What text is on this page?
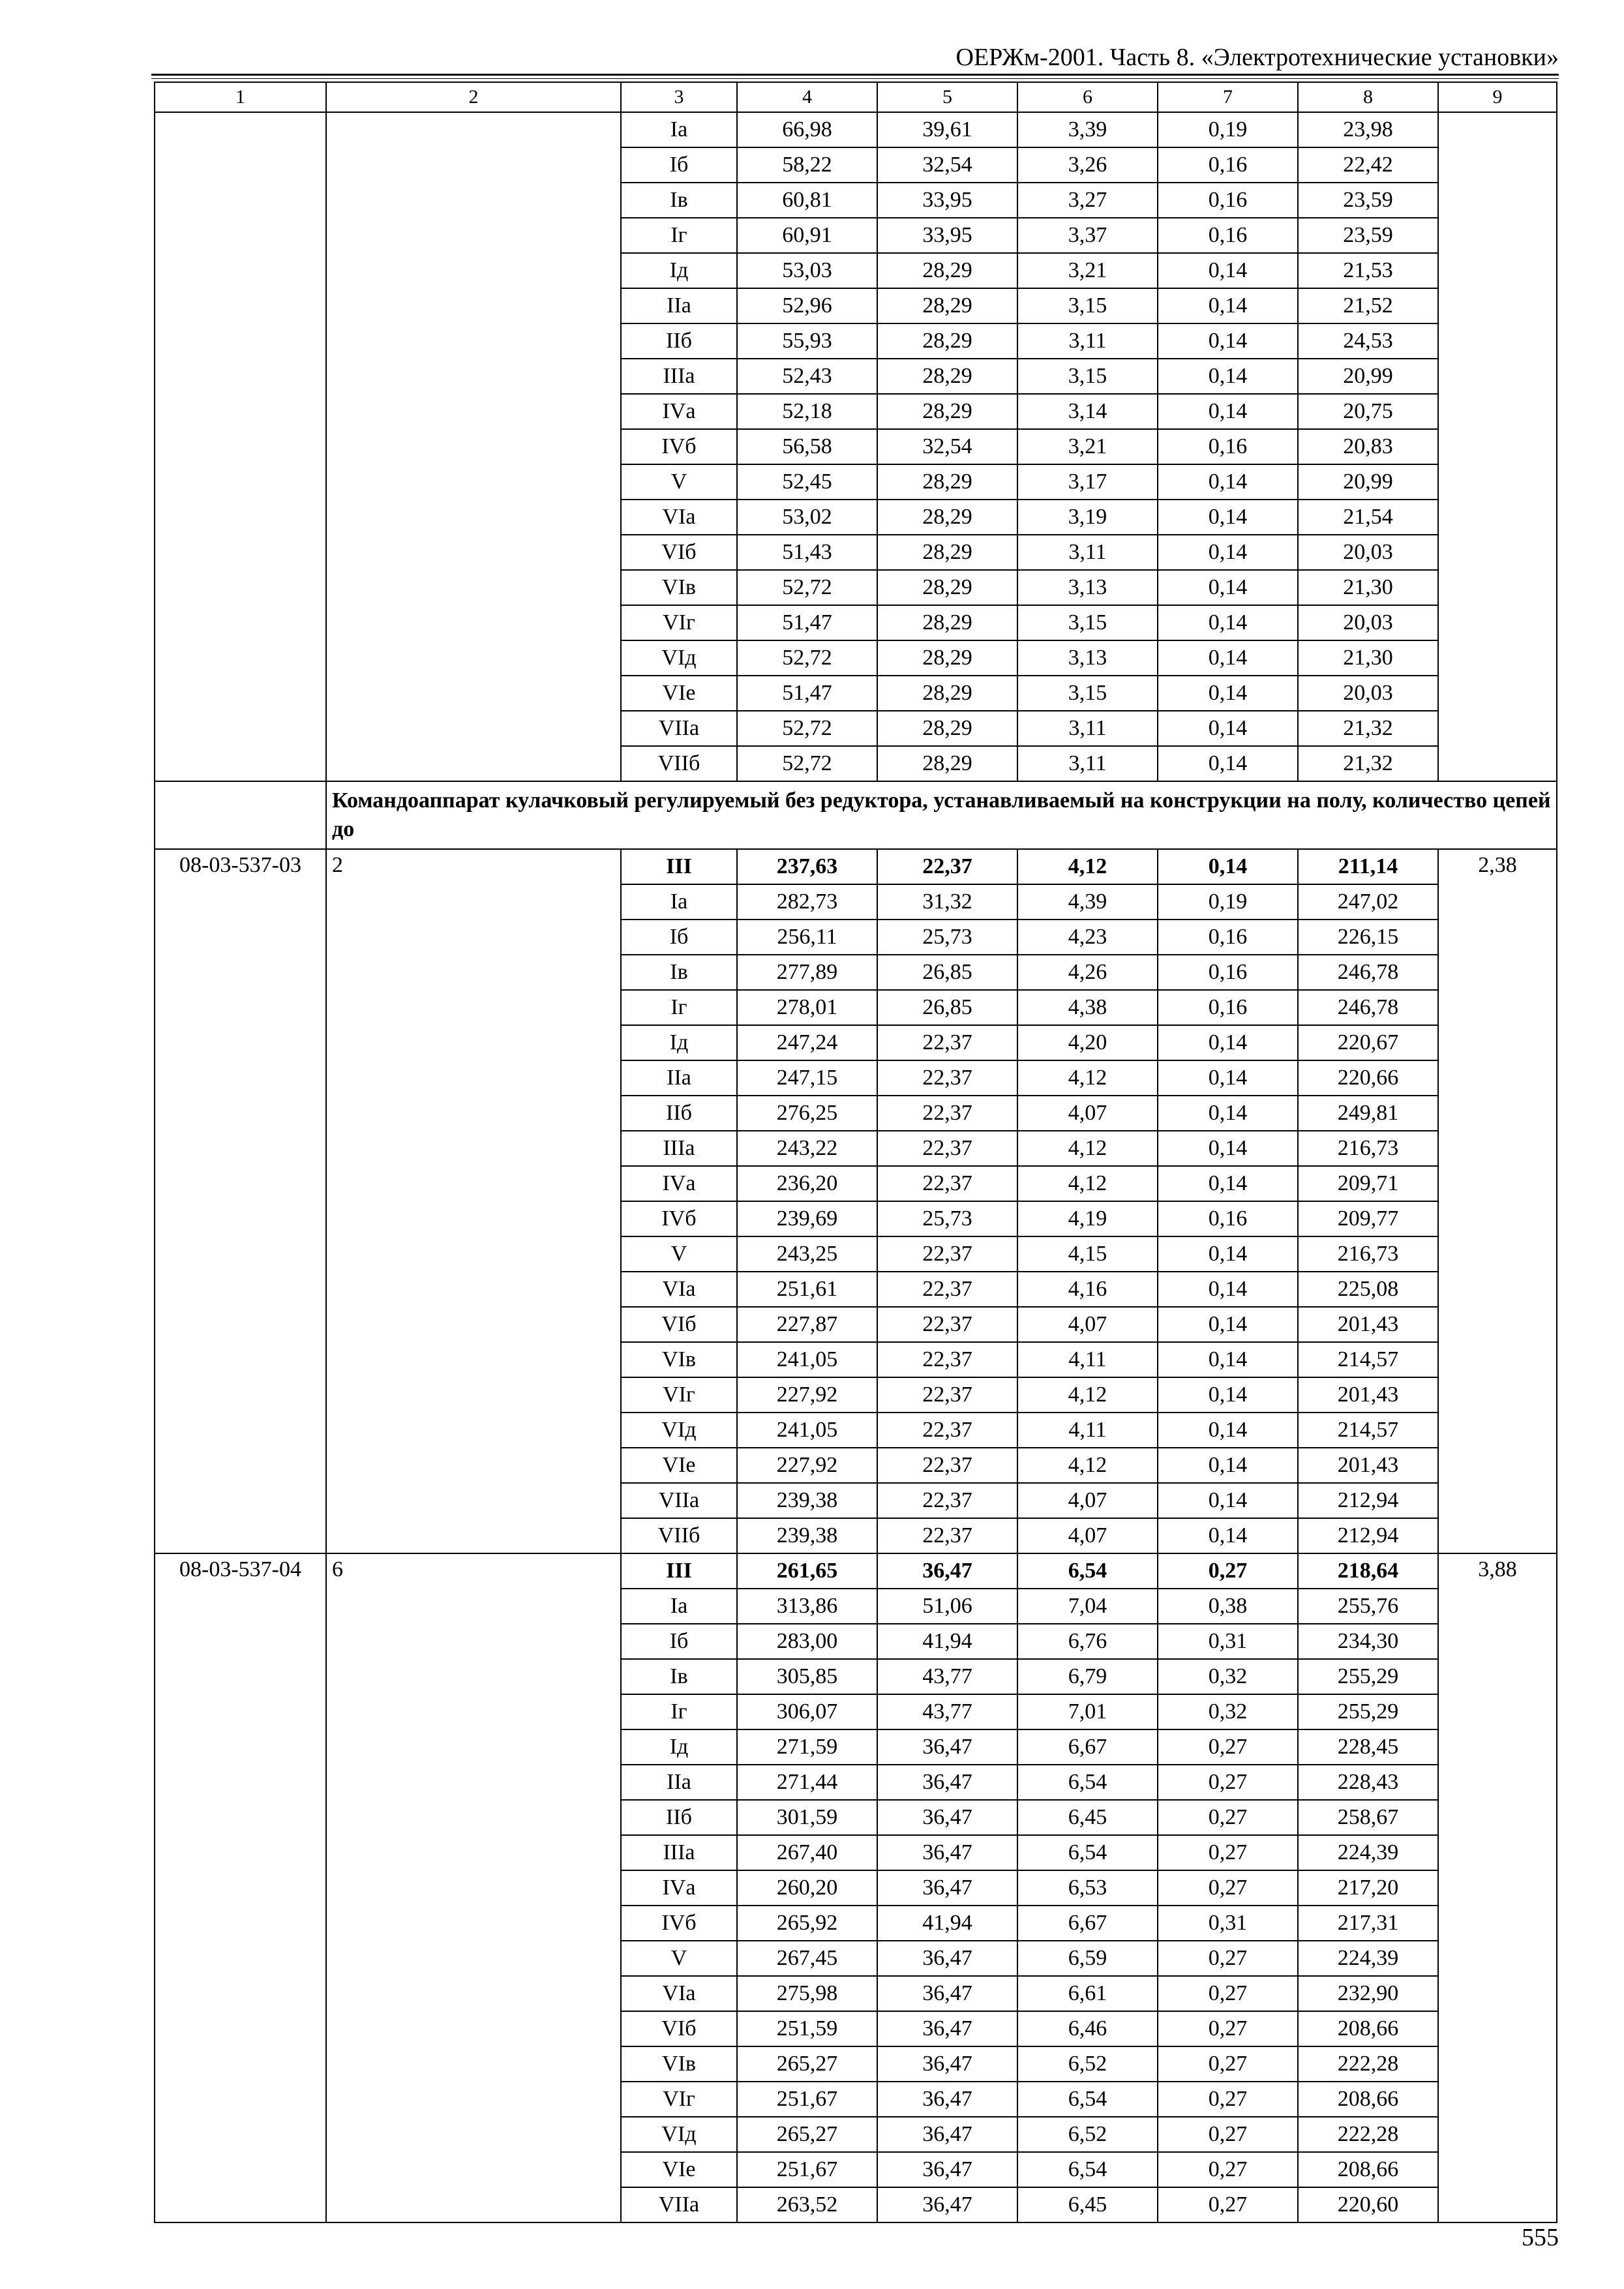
ОЕРЖм-2001. Часть 8. «Электротехнические установки»
1	2	3	4	5	6	7	8	9
		Iа	66,98	39,61	3,39	0,19	23,98	
		Iб	58,22	32,54	3,26	0,16	22,42	
		Iв	60,81	33,95	3,27	0,16	23,59	
		Iг	60,91	33,95	3,37	0,16	23,59	
		Iд	53,03	28,29	3,21	0,14	21,53	
		IIа	52,96	28,29	3,15	0,14	21,52	
		IIб	55,93	28,29	3,11	0,14	24,53	
		IIIа	52,43	28,29	3,15	0,14	20,99	
		IVа	52,18	28,29	3,14	0,14	20,75	
		IVб	56,58	32,54	3,21	0,16	20,83	
		V	52,45	28,29	3,17	0,14	20,99	
		VIа	53,02	28,29	3,19	0,14	21,54	
		VIб	51,43	28,29	3,11	0,14	20,03	
		VIв	52,72	28,29	3,13	0,14	21,30	
		VIг	51,47	28,29	3,15	0,14	20,03	
		VIд	52,72	28,29	3,13	0,14	21,30	
		VIе	51,47	28,29	3,15	0,14	20,03	
		VIIа	52,72	28,29	3,11	0,14	21,32	
		VIIб	52,72	28,29	3,11	0,14	21,32	
	Командоаппарат кулачковый регулируемый без редуктора, устанавливаемый на конструкции на полу, количество цепей до							
08-03-537-03	2	III	237,63	22,37	4,12	0,14	211,14	2,38
		Iа	282,73	31,32	4,39	0,19	247,02	
		Iб	256,11	25,73	4,23	0,16	226,15	
		Iв	277,89	26,85	4,26	0,16	246,78	
		Iг	278,01	26,85	4,38	0,16	246,78	
		Iд	247,24	22,37	4,20	0,14	220,67	
		IIа	247,15	22,37	4,12	0,14	220,66	
		IIб	276,25	22,37	4,07	0,14	249,81	
		IIIа	243,22	22,37	4,12	0,14	216,73	
		IVа	236,20	22,37	4,12	0,14	209,71	
		IVб	239,69	25,73	4,19	0,16	209,77	
		V	243,25	22,37	4,15	0,14	216,73	
		VIа	251,61	22,37	4,16	0,14	225,08	
		VIб	227,87	22,37	4,07	0,14	201,43	
		VIв	241,05	22,37	4,11	0,14	214,57	
		VIг	227,92	22,37	4,12	0,14	201,43	
		VIд	241,05	22,37	4,11	0,14	214,57	
		VIе	227,92	22,37	4,12	0,14	201,43	
		VIIа	239,38	22,37	4,07	0,14	212,94	
		VIIб	239,38	22,37	4,07	0,14	212,94	
08-03-537-04	6	III	261,65	36,47	6,54	0,27	218,64	3,88
		Iа	313,86	51,06	7,04	0,38	255,76	
		Iб	283,00	41,94	6,76	0,31	234,30	
		Iв	305,85	43,77	6,79	0,32	255,29	
		Iг	306,07	43,77	7,01	0,32	255,29	
		Iд	271,59	36,47	6,67	0,27	228,45	
		IIа	271,44	36,47	6,54	0,27	228,43	
		IIб	301,59	36,47	6,45	0,27	258,67	
		IIIа	267,40	36,47	6,54	0,27	224,39	
		IVа	260,20	36,47	6,53	0,27	217,20	
		IVб	265,92	41,94	6,67	0,31	217,31	
		V	267,45	36,47	6,59	0,27	224,39	
		VIа	275,98	36,47	6,61	0,27	232,90	
		VIб	251,59	36,47	6,46	0,27	208,66	
		VIв	265,27	36,47	6,52	0,27	222,28	
		VIг	251,67	36,47	6,54	0,27	208,66	
		VIд	265,27	36,47	6,52	0,27	222,28	
		VIе	251,67	36,47	6,54	0,27	208,66	
		VIIа	263,52	36,47	6,45	0,27	220,60	
555
